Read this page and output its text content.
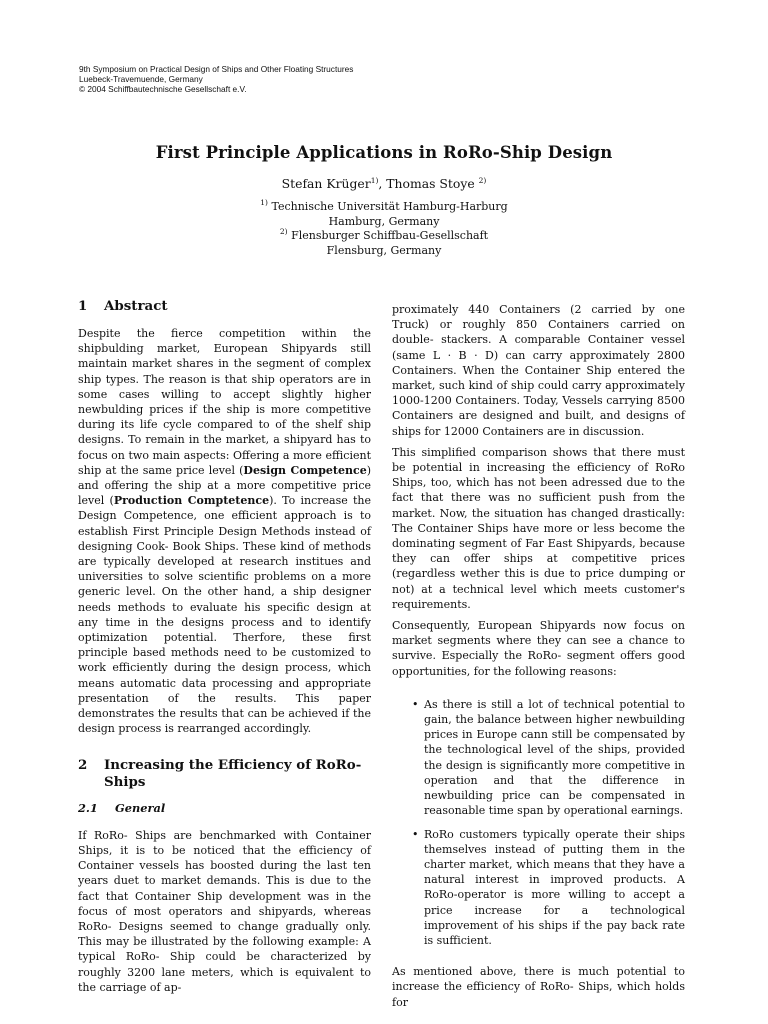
9th Symposium on Practical Design of Ships and Other Floating Structures
Luebeck-Travemuende, Germany
© 2004 Schiffbautechnische Gesellschaft e.V.
First Principle Applications in RoRo-Ship Design
Stefan Krüger$^{1)}$, Thomas Stoye $^{2)}$
$^{1)}$ Technische Universität Hamburg-Harburg
Hamburg, Germany
$^{2)}$ Flensburger Schiffbau-Gesellschaft
Flensburg, Germany
1	Abstract

Despite the fierce competition within the shipbulding market, European Shipyards still maintain market shares in the segment of complex ship types. The reason is that ship operators are in some cases willing to accept slightly higher newbulding prices if the ship is more competitive during its life cycle compared to of the shelf ship designs. To remain in the market, a shipyard has to focus on two main aspects: Offering a more efficient ship at the same price level (Design Competence) and offering the ship at a more competitive price level (Production Comptetence). To increase the Design Competence, one efficient approach is to establish First Principle Design Methods instead of designing Cook- Book Ships. These kind of methods are typically developed at research institues and universities to solve scientific problems on a more generic level. On the other hand, a ship designer needs methods to evaluate his specific design at any time in the designs process and to identify optimization potential. Therfore, these first principle based methods need to be customized to work efficiently during the design process, which means automatic data processing and appropriate presentation of the results. This paper demonstrates the results that can be achieved if the design process is rearranged accordingly.

2	Increasing the Efficiency of RoRo-Ships
2.1	General

If RoRo- Ships are benchmarked with Container Ships, it is to be noticed that the efficiency of Container vessels has boosted during the last ten years duet to market demands. This is due to the fact that Container Ship development was in the focus of most operators and shipyards, whereas RoRo- Designs seemed to change gradually only. This may be illustrated by the following example: A typical RoRo- Ship could be characterized by roughly 3200 lane meters, which is equivalent to the carriage of ap-

proximately 440 Containers (2 carried by one Truck) or roughly 850 Containers carried on double- stackers. A comparable Container vessel (same L · B · D) can carry approximately 2800 Containers. When the Container Ship entered the market, such kind of ship could carry approximately 1000-1200 Containers. Today, Vessels carrying 8500 Containers are designed and built, and designs of ships for 12000 Containers are in discussion.

This simplified comparison shows that there must be potential in increasing the efficiency of RoRo Ships, too, which has not been adressed due to the fact that there was no sufficient push from the market. Now, the situation has changed drastically: The Container Ships have more or less become the dominating segment of Far East Shipyards, because they can offer ships at competitive prices (regardless wether this is due to price dumping or not) at a technical level which meets customer's requirements.

Consequently, European Shipyards now focus on market segments where they can see a chance to survive. Especially the RoRo- segment offers good opportunities, for the following reasons:

• As there is still a lot of technical potential to gain, the balance between higher newbuilding prices in Europe cann still be compensated by the technological level of the ships, provided the design is significantly more competitive in operation and that the difference in newbuilding price can be compensated in reasonable time span by operational earnings.
• RoRo customers typically operate their ships themselves instead of putting them in the charter market, which means that they have a natural interest in improved products. A RoRo-operator is more willing to accept a price increase for a technological improvement of his ships if the pay back rate is sufficient.

As mentioned above, there is much potential to increase the efficiency of RoRo- Ships, which holds for
